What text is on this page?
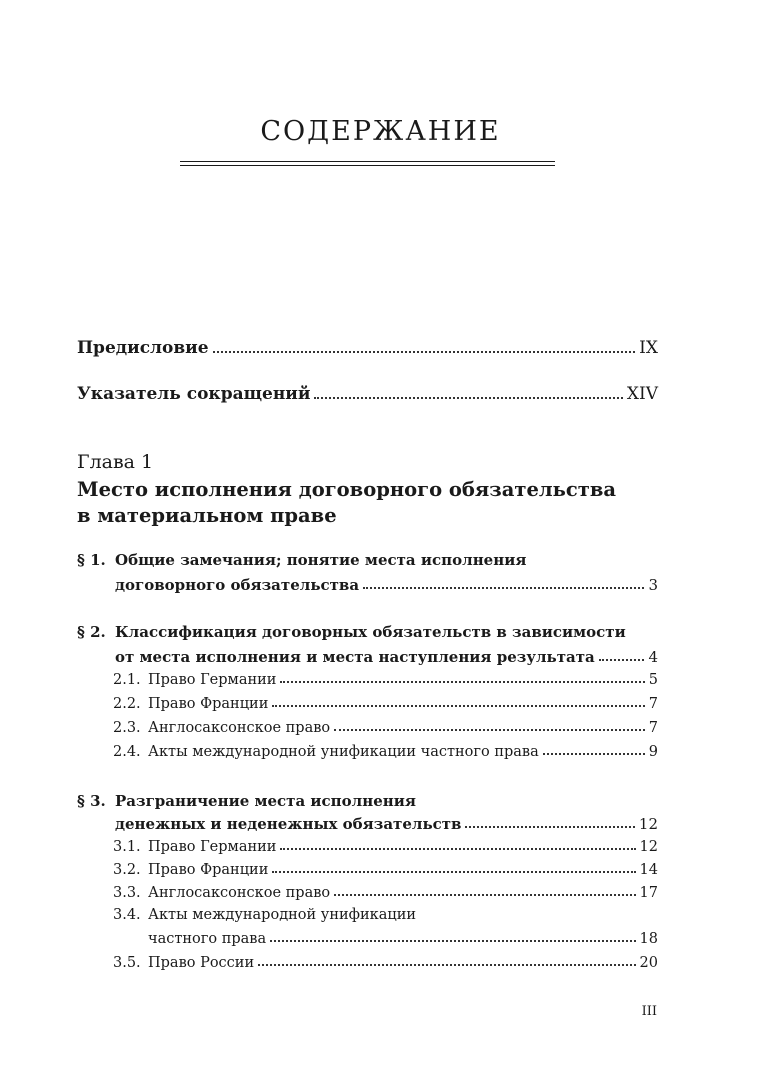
СОДЕРЖАНИЕ
Предисловие	IX
Указатель сокращений	XIV
Глава 1
Место исполнения договорного обязательства
в материальном праве
§ 1. Общие замечания; понятие места исполнения
договорного обязательства	3
§ 2. Классификация договорных обязательств в зависимости
от места исполнения и места наступления результата	4
2.1. Право Германии	5
2.2. Право Франции	7
2.3. Англосаксонское право	7
2.4. Акты международной унификации частного права	9
§ 3. Разграничение места исполнения
денежных и неденежных обязательств	12
3.1. Право Германии	12
3.2. Право Франции	14
3.3. Англосаксонское право	17
3.4. Акты международной унификации
частного права	18
3.5. Право России	20
III
